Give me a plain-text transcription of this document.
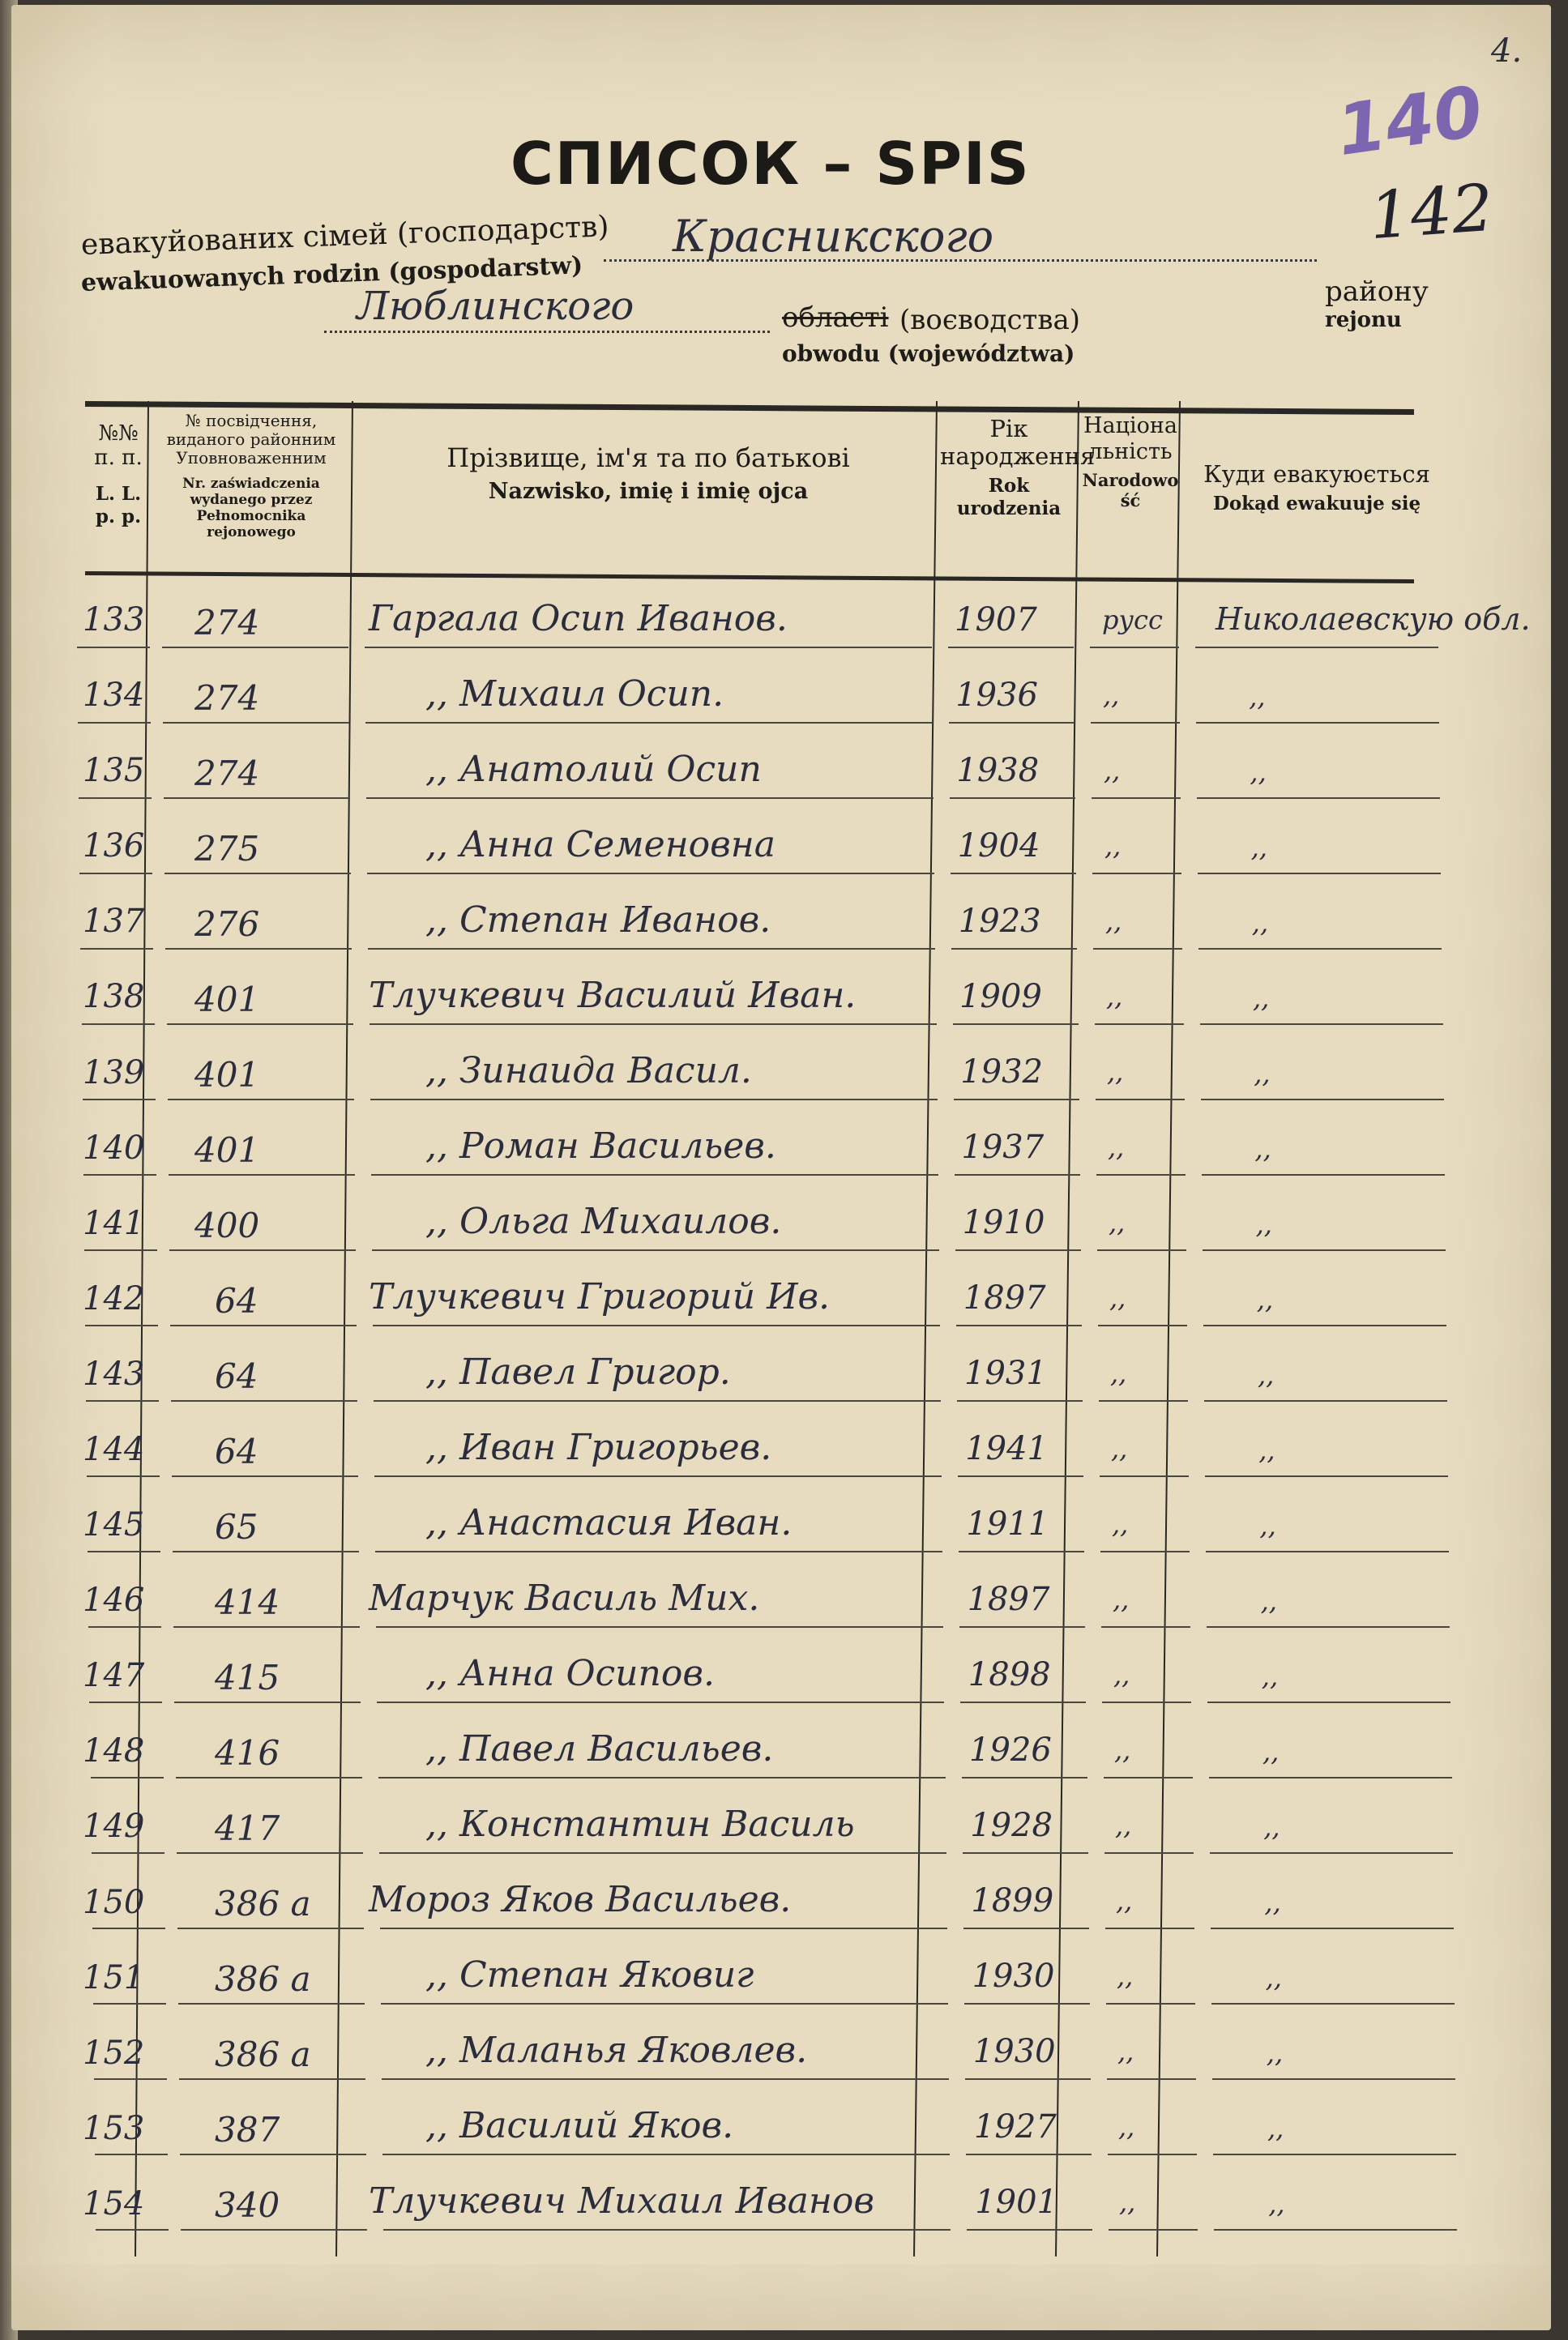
СПИСОК – SPIS	140
142
4.
евакуйованих сімей (господарств)
ewakuowanych rodzin (gospodarstw)
Красникского
району
rejonu
Люблинского	області (воєводства)
obwodu (województwa)
№№ п. п.
L. L. p. p.
№ посвідчення, виданого районним Уповноваженним
Nr. zaświadczenia wydanego przez Pełnomocnika rejonowego
Прізвище, ім'я та по батькові
Nazwisko, imię i imię ojca
Рік народження
Rok urodzenia
Національність
Narodowość
Куди евакуюється
Dokąd ewakuuje się
133 274	Гаргала Осип Иванов.	1907	русс Николаевскую обл.
134 274	,, Михаил Осип.	1936	,,	,,
135 274	,, Анатолий Осип	1938 ,,	,,
136 275	,, Анна Семеновна	1904 ,,	,,
137 276	,, Степан Иванов.	1923 ,,	,,
138 401	Тлучкевич Василий Иван.	1909 ,,	,,
139 401	,, Зинаида Васил.	1932 ,,	,,
140 401	,, Роман Васильев.	1937 ,,	,,
141 400	,, Ольга Михаилов.	1910 ,,	,,
142 64	Тлучкевич Григорий Ив.	1897 ,,	,,
143 64	,, Павел Григор.	1931 ,,	,,
144 64	,, Иван Григорьев.	1941 ,,	,,
145 65	,, Анастасия Иван.	1911 ,,	,,
146 414 Марчук Василь Мих.	1897 ,,	,,
147 415	,, Анна Осипов.	1898 ,,	,,
148 416	,, Павел Васильев.	1926 ,,	,,
149 417	,, Константин Василь	1928 ,,	,,
150 386 а Мороз Яков Васильев.	1899 ,,	,,
151 386 а	,, Степан Яковиг	1930 ,,	,,
152 386 а	,, Маланья Яковлев.	1930 ,,	,,
153 387	,, Василий Яков.	1927 ,,	,,
154 340 Тлучкевич Михаил Иванов	1901 ,,	,,
